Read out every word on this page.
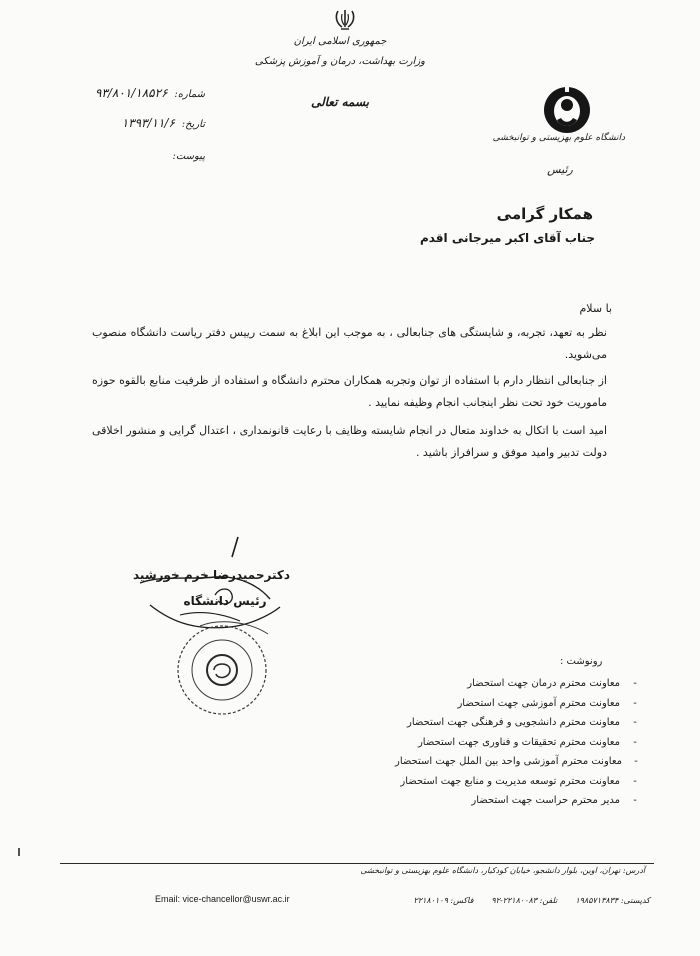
جمهوری اسلامی ایران
وزارت بهداشت، درمان و آموزش پزشکی
بسمه تعالی
شماره: ۹۳/۸۰۱/۱۸۵۲۶
تاریخ: ۱۳۹۳/۱۱/۶
پیوست:
دانشگاه علوم بهزیستی و توانبخشی
رئیس
همکار گرامی
جناب آقای اکبر میرجانی اقدم
با سلام

نظر به تعهد، تجربه، و شایستگی های جنابعالی ، به موجب این ابلاغ به سمت رییس دفتر ریاست دانشگاه منصوب می‌شوید.

از جنابعالی انتظار دارم با استفاده از توان وتجربه همکاران محترم دانشگاه و استفاده از ظرفیت منابع بالقوه حوزه ماموریت خود تحت نظر اینجانب انجام وظیفه نمایید .

امید است با اتکال به خداوند متعال در انجام شایسته وظایف با رعایت قانونمداری ، اعتدال گرایی و منشور اخلاقی دولت تدبیر وامید موفق و سرافراز باشید .

دکترحمیدرضا خرم خورشید
رئیس دانشگاه
رونوشت :
معاونت محترم درمان جهت استحضار	-
معاونت محترم آموزشی جهت استحضار	-
معاونت محترم دانشجویی و فرهنگی جهت استحضار	-
معاونت محترم تحقیقات و فناوری جهت استحضار	-
معاونت محترم آموزشی واحد بین الملل جهت استحضار -
معاونت محترم توسعه مدیریت و منابع جهت استحضار	-
مدیر محترم حراست جهت استحضار	-
آدرس: تهران، اوین، بلوار دانشجو، خیابان کودکیار، دانشگاه علوم بهزیستی و توانبخشی
کدپستی: ۱۹۸۵۷۱۳۸۳۴
تلفن: ۲۲۱۸۰۰۸۳-۹۲
فاکس: ۲۲۱۸۰۱۰۹
Email: vice-chancellor@uswr.ac.ir
